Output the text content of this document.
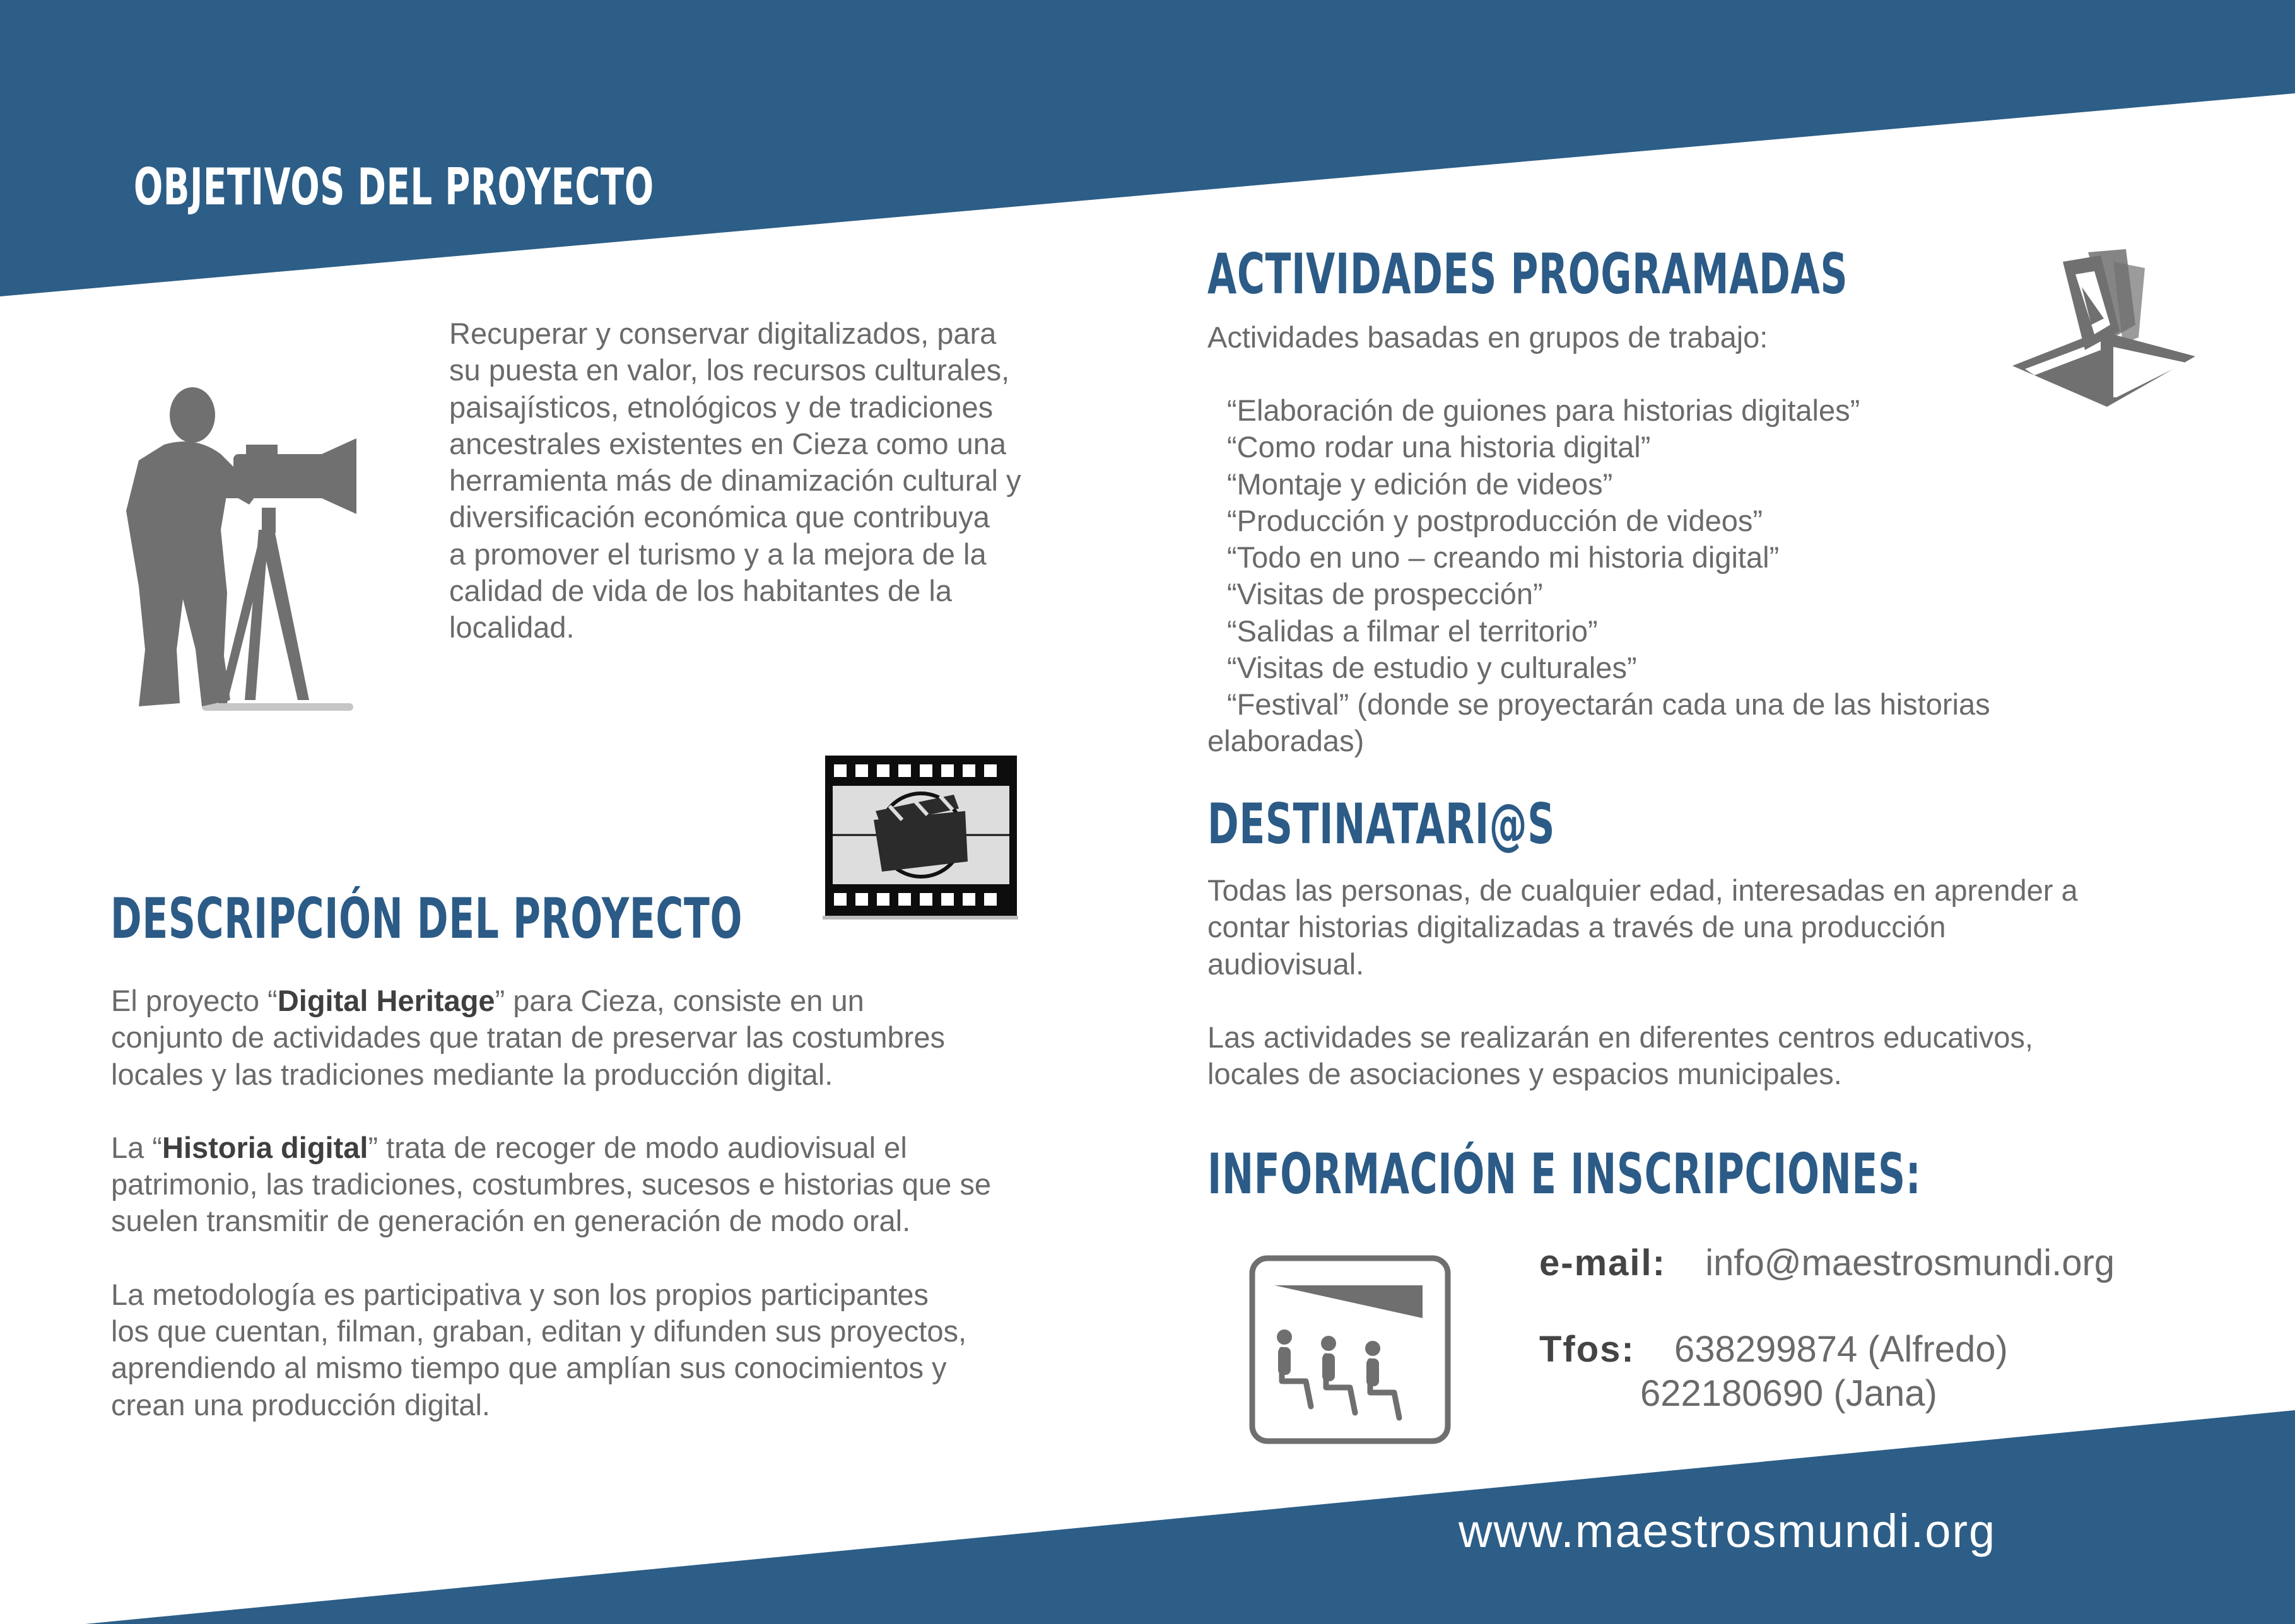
OBJETIVOS DEL PROYECTO
Recuperar y conservar digitalizados, para
su puesta en valor, los recursos culturales,
paisajísticos, etnológicos y de tradiciones
ancestrales existentes en Cieza como una
herramienta más de dinamización cultural y
diversificación económica que contribuya
a promover el turismo y a la mejora de la
calidad de vida de los habitantes de la
localidad.
DESCRIPCIÓN DEL PROYECTO
El proyecto “Digital Heritage” para Cieza, consiste en un
conjunto de actividades que tratan de preservar las costumbres
locales y las tradiciones mediante la producción digital.
La “Historia digital” trata de recoger de modo audiovisual el
patrimonio, las tradiciones, costumbres, sucesos e historias que se
suelen transmitir de generación en generación de modo oral.
La metodología es participativa y son los propios participantes
los que cuentan, filman, graban, editan y difunden sus proyectos,
aprendiendo al mismo tiempo que amplían sus conocimientos y
crean una producción digital.
ACTIVIDADES PROGRAMADAS
Actividades basadas en grupos de trabajo:
“Elaboración de guiones para historias digitales”
“Como rodar una historia digital”
“Montaje y edición de videos”
“Producción y postproducción de videos”
“Todo en uno – creando mi historia digital”
“Visitas de prospección”
“Salidas a filmar el territorio”
“Visitas de estudio y culturales”
“Festival” (donde se proyectarán cada una de las historias
elaboradas)
DESTINATARI@S
Todas las personas, de cualquier edad, interesadas en aprender a
contar historias digitalizadas a través de una producción
audiovisual.
Las actividades se realizarán en diferentes centros educativos,
locales de asociaciones y espacios municipales.
INFORMACIÓN E INSCRIPCIONES:
e-mail: info@maestrosmundi.org
Tfos: 638299874 (Alfredo)
622180690 (Jana)
www.maestrosmundi.org
